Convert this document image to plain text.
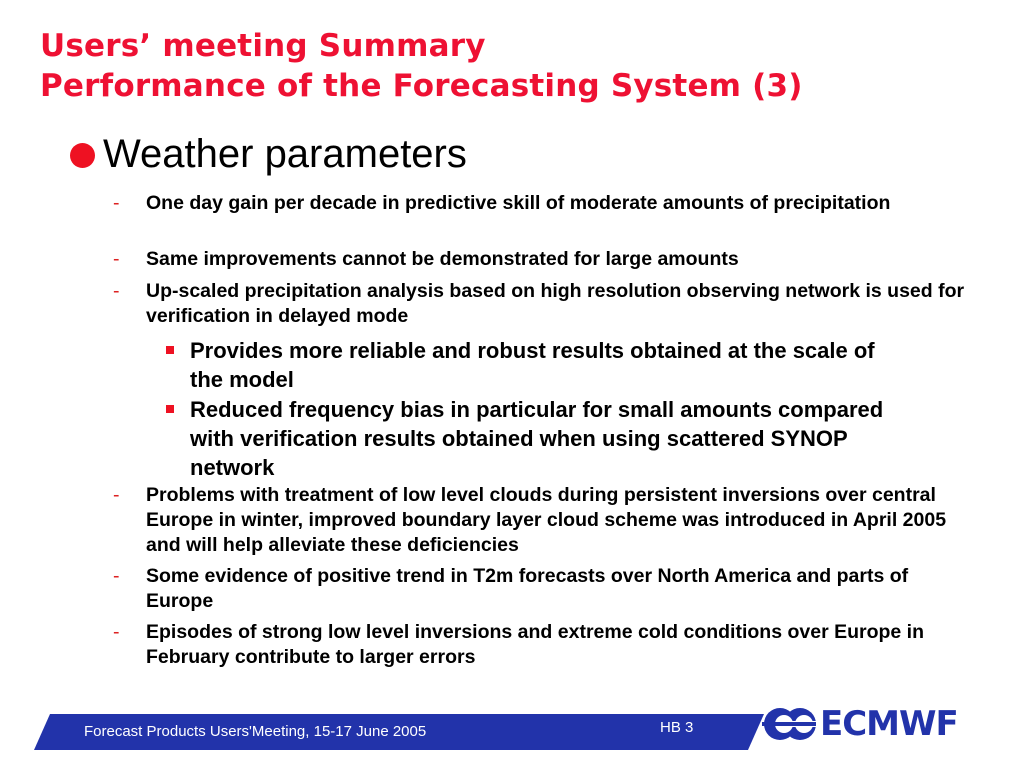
Users’ meeting Summary
Performance of the Forecasting System (3)
Weather parameters
- One day gain per decade in predictive skill of moderate amounts of precipitation
- Same improvements cannot be demonstrated for large amounts
- Up-scaled precipitation analysis based on high resolution observing network is used for verification in delayed mode
Provides more reliable and robust results obtained at the scale of the model
Reduced frequency bias in particular for small amounts compared with verification results obtained when using scattered SYNOP network
- Problems with treatment of low level clouds during persistent inversions over central Europe in winter, improved boundary layer cloud scheme was introduced in April 2005 and will help alleviate these deficiencies
- Some evidence of positive trend in T2m forecasts over North America and parts of Europe
- Episodes of strong low level inversions and extreme cold conditions over Europe in February contribute to larger errors
Forecast Products Users'Meeting, 15-17 June 2005	HB 3	ECMWF
